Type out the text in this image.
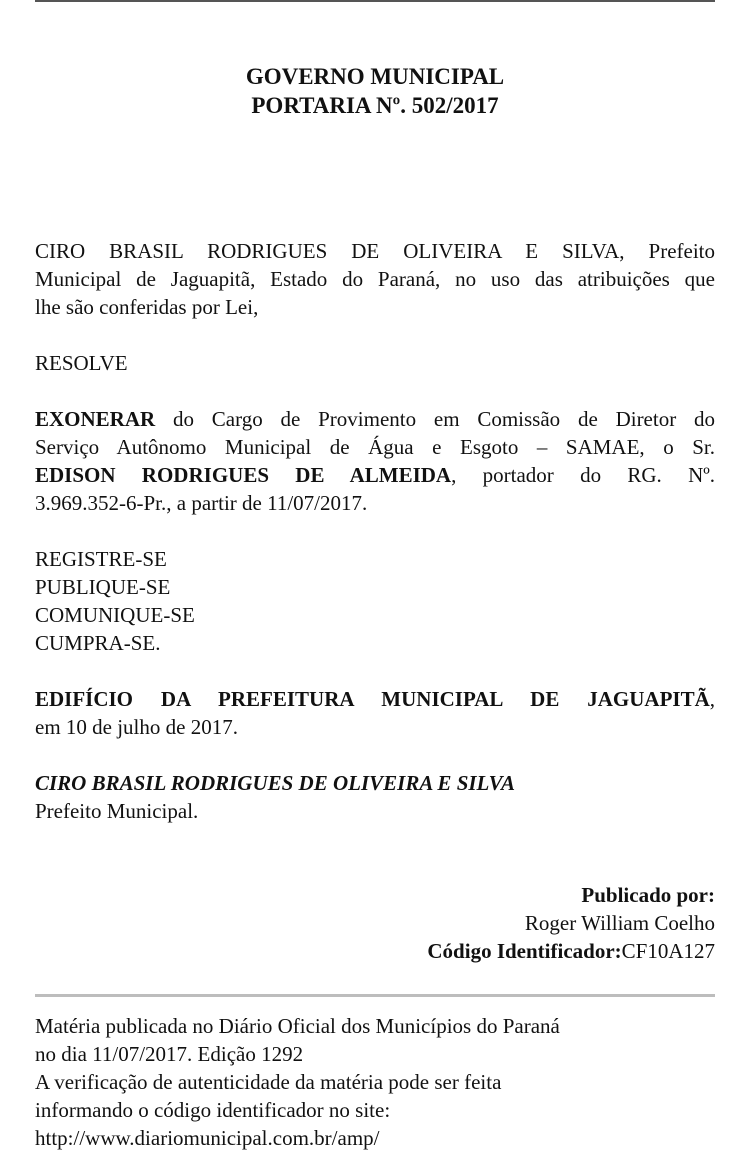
GOVERNO MUNICIPAL
PORTARIA Nº. 502/2017
CIRO BRASIL RODRIGUES DE OLIVEIRA E SILVA, Prefeito
Municipal de Jaguapitã, Estado do Paraná, no uso das atribuições que
lhe são conferidas por Lei,
RESOLVE
EXONERAR do Cargo de Provimento em Comissão de Diretor do
Serviço Autônomo Municipal de Água e Esgoto – SAMAE, o Sr.
EDISON RODRIGUES DE ALMEIDA, portador do RG. Nº.
3.969.352-6-Pr., a partir de 11/07/2017.
REGISTRE-SE
PUBLIQUE-SE
COMUNIQUE-SE
CUMPRA-SE.
EDIFÍCIO DA PREFEITURA MUNICIPAL DE JAGUAPITÃ,
em 10 de julho de 2017.
CIRO BRASIL RODRIGUES DE OLIVEIRA E SILVA
Prefeito Municipal.
Publicado por:
Roger William Coelho
Código Identificador:CF10A127
Matéria publicada no Diário Oficial dos Municípios do Paraná
no dia 11/07/2017. Edição 1292
A verificação de autenticidade da matéria pode ser feita
informando o código identificador no site:
http://www.diariomunicipal.com.br/amp/
